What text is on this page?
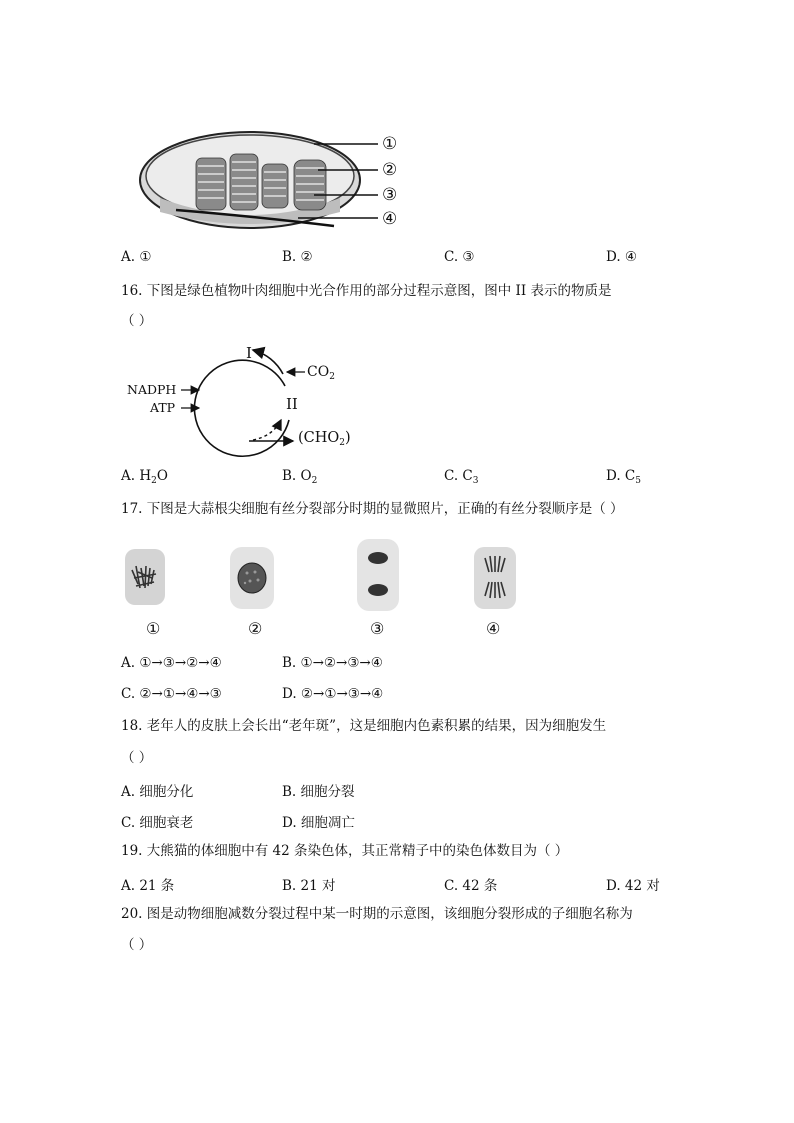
①
②
③
④
A. ①	B. ②	C. ③	D. ④
16. 下图是绿色植物叶肉细胞中光合作用的部分过程示意图，图中 II 表示的物质是
（ ）
I
II
$CO_2$
NADPH
ATP
$(CHO_2)$
A. $H_2O$	B. $O_2$	C. $C_3$	D. $C_5$
17. 下图是大蒜根尖细胞有丝分裂部分时期的显微照片，正确的有丝分裂顺序是（ ）
①	②	③	④
A. ①→③→②→④	B. ①→②→③→④
C. ②→①→④→③	D. ②→①→③→④
18. 老年人的皮肤上会长出“老年斑”，这是细胞内色素积累的结果，因为细胞发生
（ ）
A. 细胞分化	B. 细胞分裂
C. 细胞衰老	D. 细胞凋亡
19. 大熊猫的体细胞中有 42 条染色体，其正常精子中的染色体数目为（ ）
A. 21 条	B. 21 对	C. 42 条	D. 42 对
20. 图是动物细胞减数分裂过程中某一时期的示意图，该细胞分裂形成的子细胞名称为
（ ）
